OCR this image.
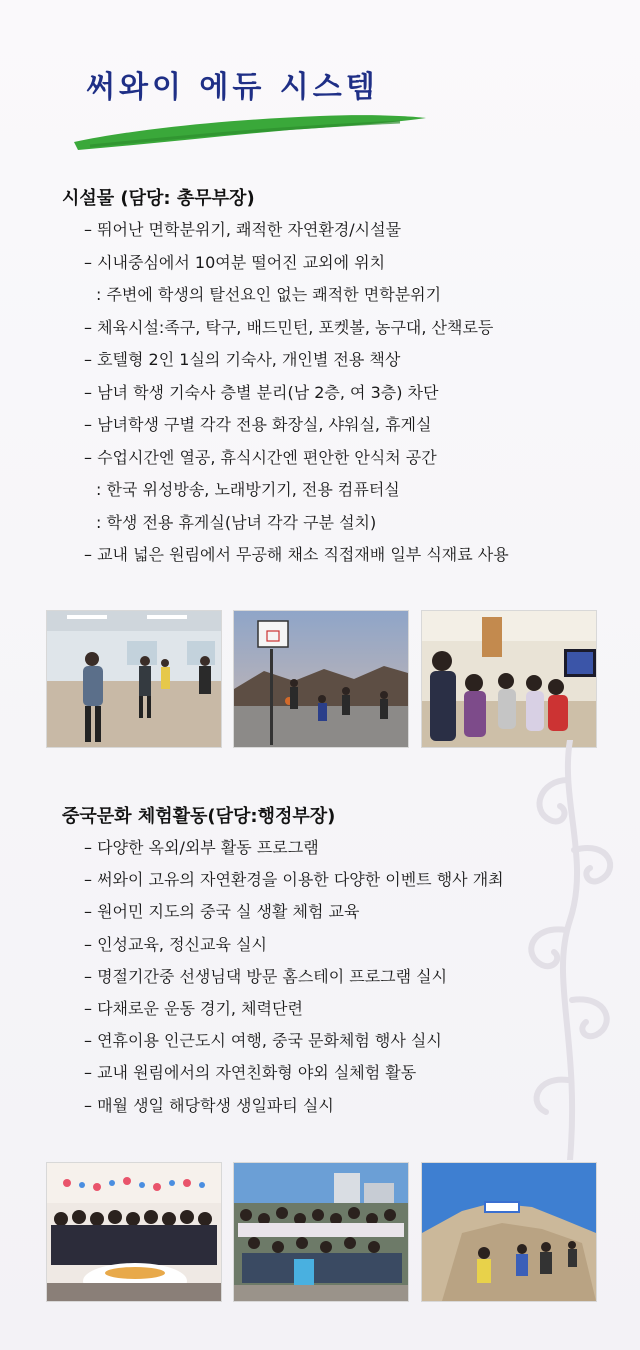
써와이 에듀 시스템
시설물 (담당: 총무부장)
– 뛰어난 면학분위기, 쾌적한 자연환경/시설물
– 시내중심에서 10여분 떨어진 교외에 위치
: 주변에 학생의 탈선요인 없는 쾌적한 면학분위기
– 체육시설:족구, 탁구, 배드민턴, 포켓볼, 농구대, 산책로등
– 호텔형 2인 1실의 기숙사, 개인별 전용 책상
– 남녀 학생 기숙사 층별 분리(남 2층, 여 3층) 차단
– 남녀학생 구별 각각 전용 화장실, 샤워실, 휴게실
– 수업시간엔 열공, 휴식시간엔 편안한 안식처 공간
: 한국 위성방송, 노래방기기, 전용 컴퓨터실
: 학생 전용 휴게실(남녀 각각 구분 설치)
– 교내 넓은 원림에서 무공해 채소 직접재배 일부 식재료 사용
중국문화 체험활동(담당:행정부장)
– 다양한 옥외/외부 활동 프로그램
– 써와이 고유의 자연환경을 이용한 다양한 이벤트 행사 개최
– 원어민 지도의 중국 실 생활 체험 교육
– 인성교육, 정신교육 실시
– 명절기간중 선생님댁 방문 홈스테이 프로그램 실시
– 다채로운 운동 경기, 체력단련
– 연휴이용 인근도시 여행, 중국 문화체험 행사 실시
– 교내 원림에서의 자연친화형 야외 실체험 활동
– 매월 생일 해당학생 생일파티 실시
